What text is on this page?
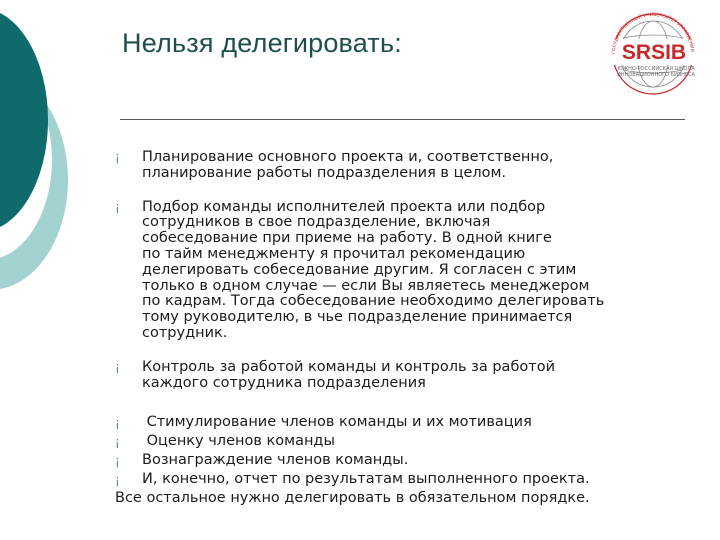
Нельзя делегировать:	SRSIB
ЮЖНО-РОССИЙСКАЯ ШКОЛА
ИННОВАЦИОННОГО БИЗНЕСА
ГОСУДАРСТВЕННЫЙ УНИВЕРСИТЕТ УПРАВЛЕНИЯ
¡ Планирование основного проекта и, соответственно,
планирование работы подразделения в целом.
¡ Подбор команды исполнителей проекта или подбор
сотрудников в свое подразделение, включая
собеседование при приеме на работу. В одной книге
по тайм менеджменту я прочитал рекомендацию
делегировать собеседование другим. Я согласен с этим
только в одном случае — если Вы являетесь менеджером
по кадрам. Тогда собеседование необходимо делегировать
тому руководителю, в чье подразделение принимается
сотрудник.
¡ Контроль за работой команды и контроль за работой
каждого сотрудника подразделения
¡ Стимулирование членов команды и их мотивация
¡ Оценку членов команды
¡ Вознаграждение членов команды.
¡ И, конечно, отчет по результатам выполненного проекта.
Все остальное нужно делегировать в обязательном порядке.
